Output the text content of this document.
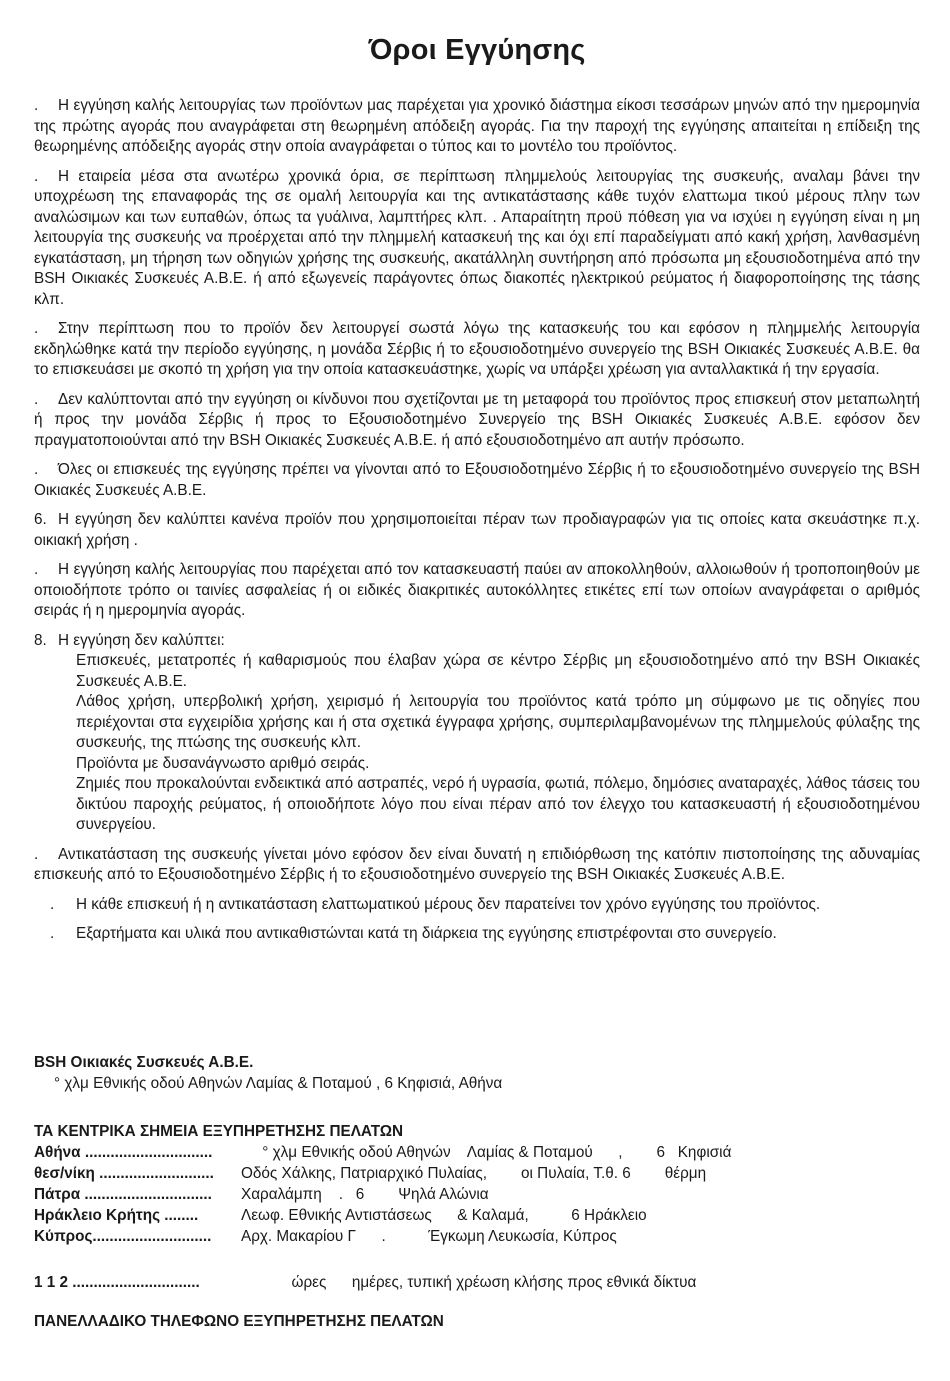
Όροι Εγγύησης

. Η εγγύηση καλής λειτουργίας των προϊόντων μας παρέχεται για χρονικό διάστημα είκοσι τεσσάρων μηνών από την ημερομηνία της πρώτης αγοράς που αναγράφεται στη θεωρημένη απόδειξη αγοράς. Για την παροχή της εγγύησης απαιτείται η επίδειξη της θεωρημένης απόδειξης αγοράς στην οποία αναγράφεται ο τύπος και το μοντέλο του προϊόντος.

. Η εταιρεία μέσα στα ανωτέρω χρονικά όρια, σε περίπτωση πλημμελούς λειτουργίας της συσκευής, αναλαμ βάνει την υποχρέωση της επαναφοράς της σε ομαλή λειτουργία και της αντικατάστασης κάθε τυχόν ελαττωμα τικού μέρους πλην των αναλώσιμων και των ευπαθών, όπως τα γυάλινα, λαμπτήρες κλπ. . Απαραίτητη προϋ πόθεση για να ισχύει η εγγύηση είναι η μη λειτουργία της συσκευής να προέρχεται από την πλημμελή κατασκευή της και όχι επί παραδείγματι από κακή χρήση, λανθασμένη εγκατάσταση, μη τήρηση των οδηγιών χρήσης της συσκευής, ακατάλληλη συντήρηση από πρόσωπα μη εξουσιοδοτημένα από την BSH Οικιακές Συσκευές Α.Β.Ε. ή από εξωγενείς παράγοντες όπως διακοπές ηλεκτρικού ρεύματος ή διαφοροποίησης της τάσης κλπ.

. Στην περίπτωση που το προϊόν δεν λειτουργεί σωστά λόγω της κατασκευής του και εφόσον η πλημμελής λειτουργία εκδηλώθηκε κατά την περίοδο εγγύησης, η μονάδα Σέρβις ή το εξουσιοδοτημένο συνεργείο της BSH Οικιακές Συσκευές Α.Β.Ε. θα το επισκευάσει με σκοπό τη χρήση για την οποία κατασκευάστηκε, χωρίς να υπάρξει χρέωση για ανταλλακτικά ή την εργασία.

. Δεν καλύπτονται από την εγγύηση οι κίνδυνοι που σχετίζονται με τη μεταφορά του προϊόντος προς επισκευή στον μεταπωλητή ή προς την μονάδα Σέρβις ή προς το Εξουσιοδοτημένο Συνεργείο της BSH Οικιακές Συσκευές Α.Β.Ε. εφόσον δεν πραγματοποιούνται από την BSH Οικιακές Συσκευές Α.Β.Ε. ή από εξουσιοδοτημένο απ αυτήν πρόσωπο.

. Όλες οι επισκευές της εγγύησης πρέπει να γίνονται από το Εξουσιοδοτημένο Σέρβις ή το εξουσιοδοτημένο συνεργείο της BSH Οικιακές Συσκευές Α.Β.Ε.

6. Η εγγύηση δεν καλύπτει κανένα προϊόν που χρησιμοποιείται πέραν των προδιαγραφών για τις οποίες κατα σκευάστηκε π.χ. οικιακή χρήση .

. Η εγγύηση καλής λειτουργίας που παρέχεται από τον κατασκευαστή παύει αν αποκολληθούν, αλλοιωθούν ή τροποποιηθούν με οποιοδήποτε τρόπο οι ταινίες ασφαλείας ή οι ειδικές διακριτικές αυτοκόλλητες ετικέτες επί των οποίων αναγράφεται ο αριθμός σειράς ή η ημερομηνία αγοράς.

8. Η εγγύηση δεν καλύπτει:

Επισκευές, μετατροπές ή καθαρισμούς που έλαβαν χώρα σε κέντρο Σέρβις μη εξουσιοδοτημένο από την BSH Οικιακές Συσκευές Α.Β.Ε.
Λάθος χρήση, υπερβολική χρήση, χειρισμό ή λειτουργία του προϊόντος κατά τρόπο μη σύμφωνο με τις οδηγίες που περιέχονται στα εγχειρίδια χρήσης και ή στα σχετικά έγγραφα χρήσης, συμπεριλαμβανομένων της πλημμελούς φύλαξης της συσκευής, της πτώσης της συσκευής κλπ.
Προϊόντα με δυσανάγνωστο αριθμό σειράς.
Ζημιές που προκαλούνται ενδεικτικά από αστραπές, νερό ή υγρασία, φωτιά, πόλεμο, δημόσιες αναταραχές, λάθος τάσεις του δικτύου παροχής ρεύματος, ή οποιοδήποτε λόγο που είναι πέραν από τον έλεγχο του κατασκευαστή ή εξουσιοδοτημένου συνεργείου.

. Αντικατάσταση της συσκευής γίνεται μόνο εφόσον δεν είναι δυνατή η επιδιόρθωση της κατόπιν πιστοποίησης της αδυναμίας επισκευής από το Εξουσιοδοτημένο Σέρβις ή το εξουσιοδοτημένο συνεργείο της BSH Οικιακές Συσκευές Α.Β.Ε.

. Η κάθε επισκευή ή η αντικατάσταση ελαττωματικού μέρους δεν παρατείνει τον χρόνο εγγύησης του προϊόντος.

. Εξαρτήματα και υλικά που αντικαθιστώνται κατά τη διάρκεια της εγγύησης επιστρέφονται στο συνεργείο.

BSH Οικιακές Συσκευές Α.Β.Ε.
° χλμ Εθνικής οδού Αθηνών Λαμίας & Ποταμού , 6 Κηφισιά, Αθήνα
ΤΑ ΚΕΝΤΡΙΚΑ ΣΗΜΕΙΑ ΕΞΥΠΗΡΕΤΗΣΗΣ ΠΕΛΑΤΩΝ
Αθήνα ..............................	° χλμ Εθνικής οδού Αθηνών    Λαμίας & Ποταμού      ,        6   Κηφισιά
θεσ/νίκη ...........................	Οδός Χάλκης, Πατριαρχικό Πυλαίας,        οι Πυλαία, Τ.θ. 6        θέρμη
Πάτρα ..............................	Χαραλάμπη    .   6        Ψηλά Αλώνια
Ηράκλειο Κρήτης ........	Λεωφ. Εθνικής Αντιστάσεως      & Καλαμά,          6 Ηράκλειο
Κύπρος............................	Αρχ. Μακαρίου Γ      .          Έγκωμη Λευκωσία, Κύπρος
1 1 2 ..............................	ώρες      ημέρες, τυπική χρέωση κλήσης προς εθνικά δίκτυα
ΠΑΝΕΛΛΑΔΙΚΟ ΤΗΛΕΦΩΝΟ ΕΞΥΠΗΡΕΤΗΣΗΣ ΠΕΛΑΤΩΝ
